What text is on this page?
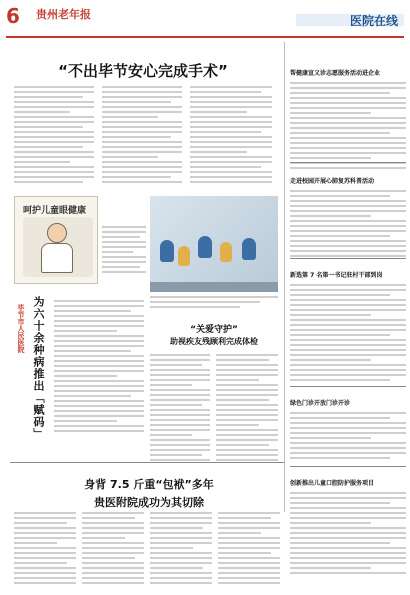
6 贵州老年报	医院在线
“不出毕节安心完成手术”
呵护儿童眼健康
为六十余种病推出「赋码」
毕节市人民医院	“关爱守护”
助视疾友残顾利完成体检
身背 7.5 斤重“包袱”多年
贵医附院成功为其切除
帮健康宣义诊志愿服务活动进企业
走进校园开展心肺复苏科普活动
新选第 7 名第一书记驻村干部到岗
绿色门诊开放门诊开诊
创新推出儿童口腔防护服务项目
